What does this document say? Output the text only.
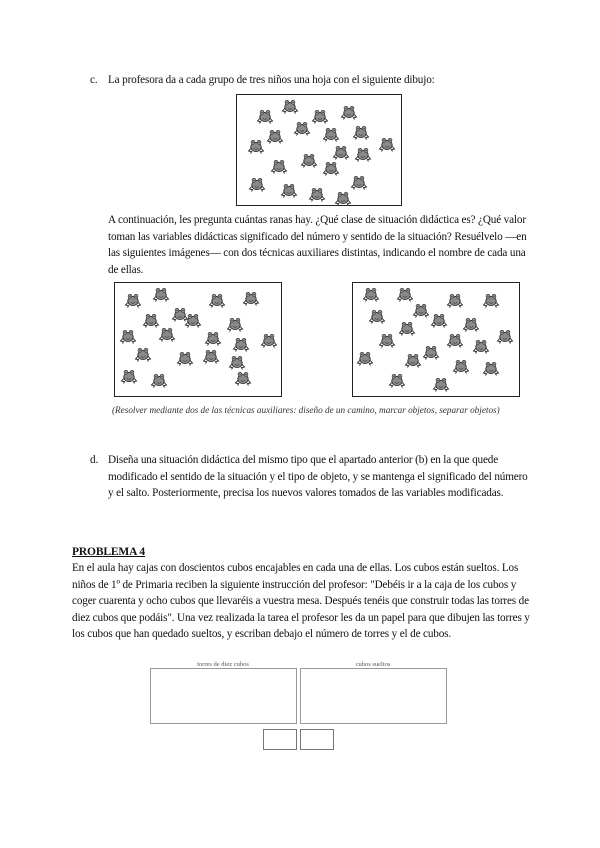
c. La profesora da a cada grupo de tres niños una hoja con el siguiente dibujo:
A continuación, les pregunta cuántas ranas hay. ¿Qué clase de situación didáctica es? ¿Qué valor toman las variables didácticas significado del número y sentido de la situación? Resuélvelo —en las siguientes imágenes— con dos técnicas auxiliares distintas, indicando el nombre de cada una de ellas.
(Resolver mediante dos de las técnicas auxiliares: diseño de un camino, marcar objetos, separar objetos)
d. Diseña una situación didáctica del mismo tipo que el apartado anterior (b) en la que quede modificado el sentido de la situación y el tipo de objeto, y se mantenga el significado del número y el salto. Posteriormente, precisa los nuevos valores tomados de las variables modificadas.
PROBLEMA 4
En el aula hay cajas con doscientos cubos encajables en cada una de ellas. Los cubos están sueltos. Los niños de 1º de Primaria reciben la siguiente instrucción del profesor: "Debéis ir a la caja de los cubos y coger cuarenta y ocho cubos que llevaréis a vuestra mesa. Después tenéis que construir todas las torres de diez cubos que podáis". Una vez realizada la tarea el profesor les da un papel para que dibujen las torres y los cubos que han quedado sueltos, y escriban debajo el número de torres y el de cubos.
torres de diez cubos	cubos sueltos
